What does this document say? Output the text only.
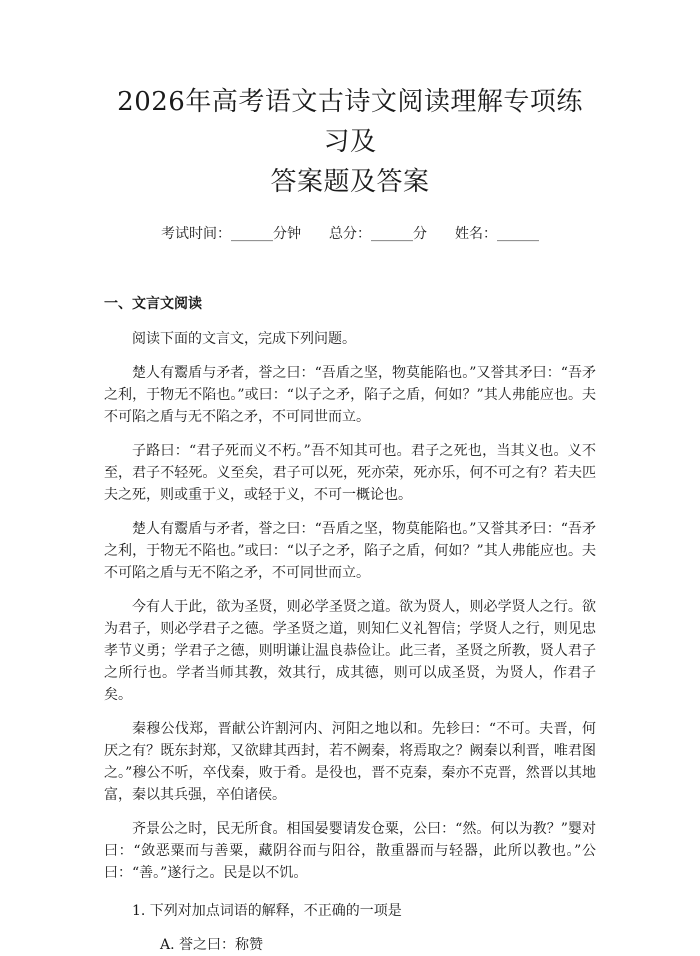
2026年高考语文古诗文阅读理解专项练习及
答案题及答案
考试时间：______分钟 总分：______分 姓名：______
一、文言文阅读

阅读下面的文言文，完成下列问题。

楚人有鬻盾与矛者，誉之曰：“吾盾之坚，物莫能陷也。”又誉其矛曰：“吾矛之利，于物无不陷也。”或曰：“以子之矛，陷子之盾，何如？”其人弗能应也。夫不可陷之盾与无不陷之矛，不可同世而立。

子路曰：“君子死而义不朽。”吾不知其可也。君子之死也，当其义也。义不至，君子不轻死。义至矣，君子可以死，死亦荣，死亦乐，何不可之有？若夫匹夫之死，则或重于义，或轻于义，不可一概论也。

楚人有鬻盾与矛者，誉之曰：“吾盾之坚，物莫能陷也。”又誉其矛曰：“吾矛之利，于物无不陷也。”或曰：“以子之矛，陷子之盾，何如？”其人弗能应也。夫不可陷之盾与无不陷之矛，不可同世而立。

今有人于此，欲为圣贤，则必学圣贤之道。欲为贤人，则必学贤人之行。欲为君子，则必学君子之德。学圣贤之道，则知仁义礼智信；学贤人之行，则见忠孝节义勇；学君子之德，则明谦让温良恭俭让。此三者，圣贤之所教，贤人君子之所行也。学者当师其教，效其行，成其德，则可以成圣贤，为贤人，作君子矣。

秦穆公伐郑，晋献公许割河内、河阳之地以和。先轸曰：“不可。夫晋，何厌之有？既东封郑，又欲肆其西封，若不阙秦，将焉取之？阙秦以利晋，唯君图之。”穆公不听，卒伐秦，败于肴。是役也，晋不克秦，秦亦不克晋，然晋以其地富，秦以其兵强，卒伯诸侯。

齐景公之时，民无所食。相国晏婴请发仓粟，公曰：“然。何以为教？”婴对曰：“敛恶粟而与善粟，藏阴谷而与阳谷，散重器而与轻器，此所以教也。”公曰：“善。”遂行之。民是以不饥。

1. 下列对加点词语的解释，不正确的一项是
A. 誉之曰：称赞
